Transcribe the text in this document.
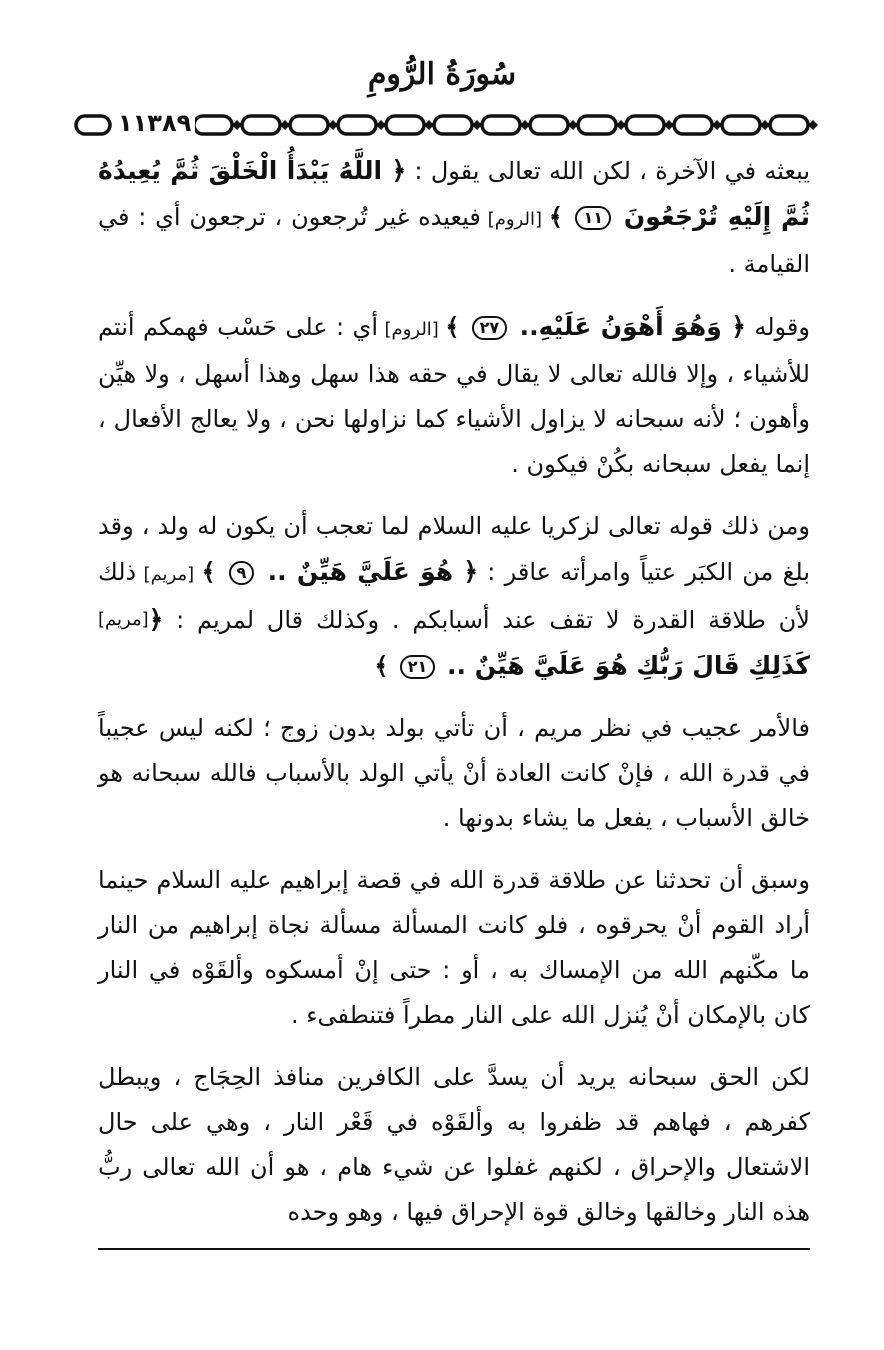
سُورَةُ الرُّومِ
١١٣٨٩

يبعثه في الآخرة ، لكن الله تعالى يقول : ﴿ اللَّهُ يَبْدَأُ الْخَلْقَ ثُمَّ يُعِيدُهُ ثُمَّ إِلَيْهِ تُرْجَعُونَ ١١ ﴾ [الروم] فيعيده غير تُرجعون ، ترجعون أي : في القيامة .

وقوله ﴿ وَهُوَ أَهْوَنُ عَلَيْهِ.. ٢٧ ﴾ [الروم] أي : على حَسْب فهمكم أنتم للأشياء ، وإلا فالله تعالى لا يقال في حقه هذا سهل وهذا أسهل ، ولا هيِّن وأهون ؛ لأنه سبحانه لا يزاول الأشياء كما نزاولها نحن ، ولا يعالج الأفعال ، إنما يفعل سبحانه بكُنْ فيكون .

ومن ذلك قوله تعالى لزكريا عليه السلام لما تعجب أن يكون له ولد ، وقد بلغ من الكبَر عتياً وامرأته عاقر : ﴿ هُوَ عَلَيَّ هَيِّنٌ .. ٩ ﴾ [مريم] ذلك لأن طلاقة القدرة لا تقف عند أسبابكم . وكذلك قال لمريم :
[مريم] ﴿ كَذَلِكِ قَالَ رَبُّكِ هُوَ عَلَيَّ هَيِّنٌ .. ٢١ ﴾

فالأمر عجيب في نظر مريم ، أن تأتي بولد بدون زوج ؛ لكنه ليس عجيباً في قدرة الله ، فإنْ كانت العادة أنْ يأتي الولد بالأسباب فالله سبحانه هو خالق الأسباب ، يفعل ما يشاء بدونها .

وسبق أن تحدثنا عن طلاقة قدرة الله في قصة إبراهيم عليه السلام حينما أراد القوم أنْ يحرقوه ، فلو كانت المسألة مسألة نجاة إبراهيم من النار ما مكّنهم الله من الإمساك به ، أو : حتى إنْ أمسكوه وألقَوْه في النار كان بالإمكان أنْ يُنزل الله على النار مطراً فتنطفىء .

لكن الحق سبحانه يريد أن يسدَّ على الكافرين منافذ الحِجَاج ، ويبطل كفرهم ، فهاهم قد ظفروا به وألقَوْه في قَعْر النار ، وهي على حال الاشتعال والإحراق ، لكنهم غفلوا عن شيء هام ، هو أن الله تعالى ربُّ هذه النار وخالقها وخالق قوة الإحراق فيها ، وهو وحده
